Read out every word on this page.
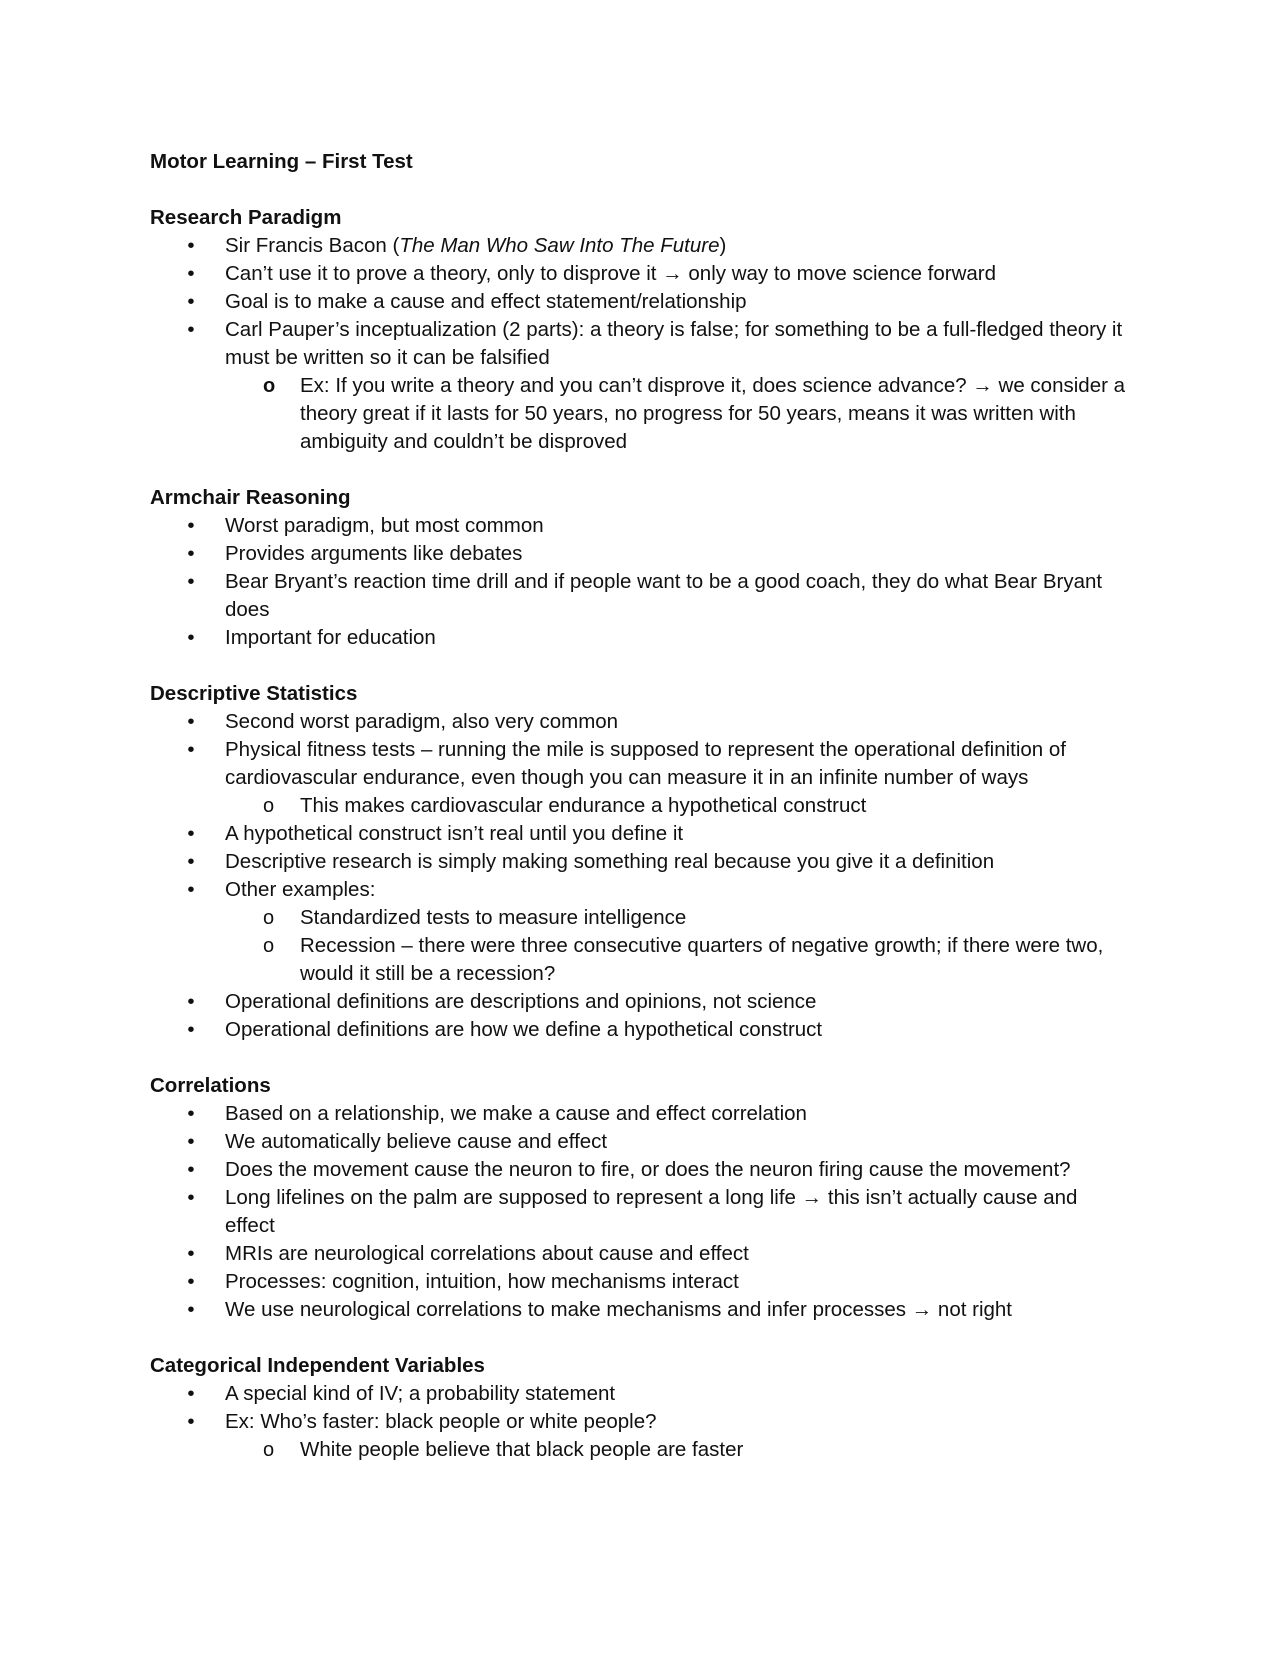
Motor Learning – First Test
Research Paradigm
• Sir Francis Bacon (The Man Who Saw Into The Future)
• Can’t use it to prove a theory, only to disprove it → only way to move science forward
• Goal is to make a cause and effect statement/relationship
• Carl Pauper’s inceptualization (2 parts): a theory is false; for something to be a full-fledged theory it must be written so it can be falsified
o Ex: If you write a theory and you can’t disprove it, does science advance? → we consider a theory great if it lasts for 50 years, no progress for 50 years, means it was written with ambiguity and couldn’t be disproved
Armchair Reasoning
• Worst paradigm, but most common
• Provides arguments like debates
• Bear Bryant’s reaction time drill and if people want to be a good coach, they do what Bear Bryant does
• Important for education
Descriptive Statistics
• Second worst paradigm, also very common
• Physical fitness tests – running the mile is supposed to represent the operational definition of cardiovascular endurance, even though you can measure it in an infinite number of ways
o This makes cardiovascular endurance a hypothetical construct
• A hypothetical construct isn’t real until you define it
• Descriptive research is simply making something real because you give it a definition
• Other examples:
o Standardized tests to measure intelligence
o Recession – there were three consecutive quarters of negative growth; if there were two, would it still be a recession?
• Operational definitions are descriptions and opinions, not science
• Operational definitions are how we define a hypothetical construct
Correlations
• Based on a relationship, we make a cause and effect correlation
• We automatically believe cause and effect
• Does the movement cause the neuron to fire, or does the neuron firing cause the movement?
• Long lifelines on the palm are supposed to represent a long life → this isn’t actually cause and effect
• MRIs are neurological correlations about cause and effect
• Processes: cognition, intuition, how mechanisms interact
• We use neurological correlations to make mechanisms and infer processes → not right
Categorical Independent Variables
• A special kind of IV; a probability statement
• Ex: Who’s faster: black people or white people?
o White people believe that black people are faster
